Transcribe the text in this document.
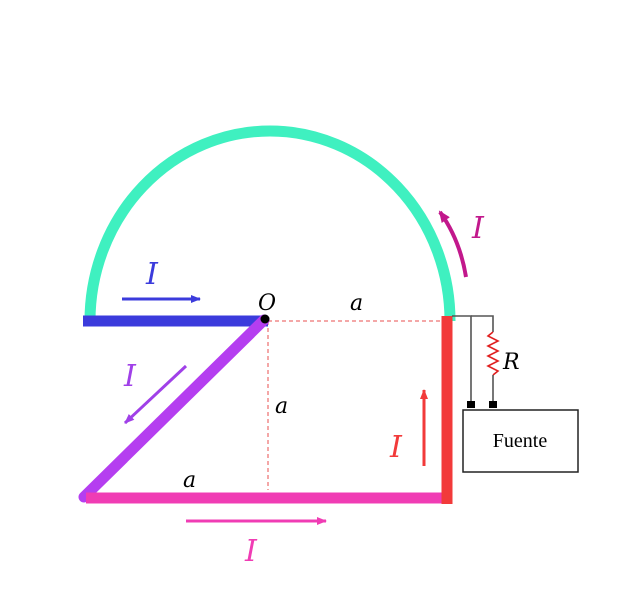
I
I
I
I
I
O	a
a
a
R
Fuente
